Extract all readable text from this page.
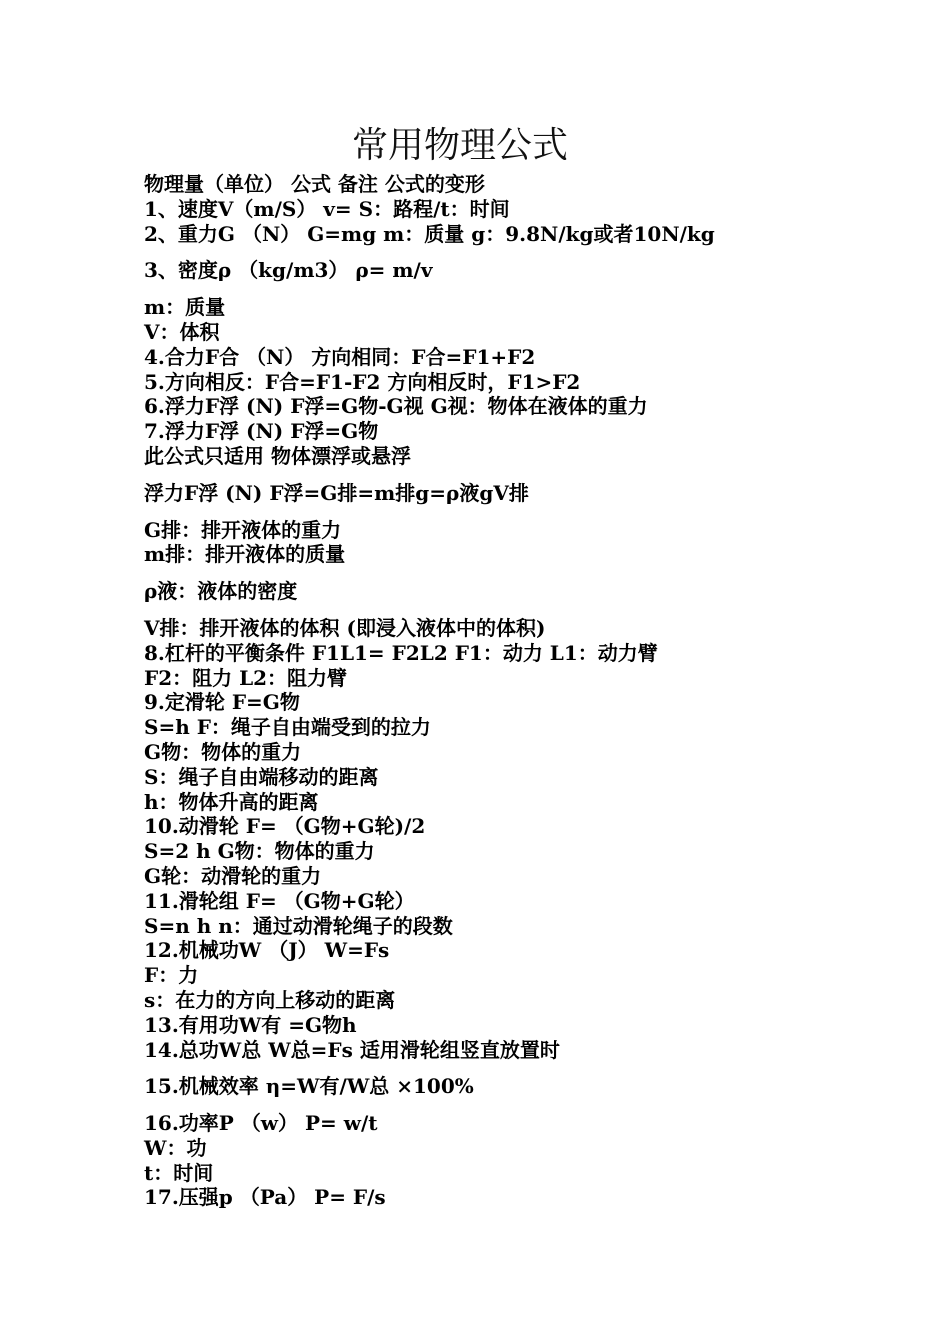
常用物理公式
物理量（单位） 公式 备注 公式的变形
1、速度V（m/S） v= S：路程/t：时间
2、重力G （N） G=mg m：质量 g：9.8N/kg或者10N/kg
3、密度ρ （kg/m3） ρ= m/v
m：质量
V：体积
4.合力F合 （N） 方向相同：F合=F1+F2
5.方向相反：F合=F1-F2 方向相反时，F1>F2
6.浮力F浮 (N) F浮=G物-G视 G视：物体在液体的重力
7.浮力F浮 (N) F浮=G物
此公式只适用 物体漂浮或悬浮
浮力F浮 (N) F浮=G排=m排g=ρ液gV排
G排：排开液体的重力
m排：排开液体的质量
ρ液：液体的密度
V排：排开液体的体积 (即浸入液体中的体积)
8.杠杆的平衡条件 F1L1= F2L2 F1：动力 L1：动力臂
F2：阻力 L2：阻力臂
9.定滑轮 F=G物
S=h F：绳子自由端受到的拉力
G物：物体的重力
S：绳子自由端移动的距离
h：物体升高的距离
10.动滑轮 F= （G物+G轮)/2
S=2 h G物：物体的重力
G轮：动滑轮的重力
11.滑轮组 F= （G物+G轮）
S=n h n：通过动滑轮绳子的段数
12.机械功W （J） W=Fs
F：力
s：在力的方向上移动的距离
13.有用功W有 =G物h
14.总功W总 W总=Fs 适用滑轮组竖直放置时
15.机械效率 η=W有/W总 ×100%
16.功率P （w） P= w/t
W：功
t：时间
17.压强p （Pa） P= F/s
